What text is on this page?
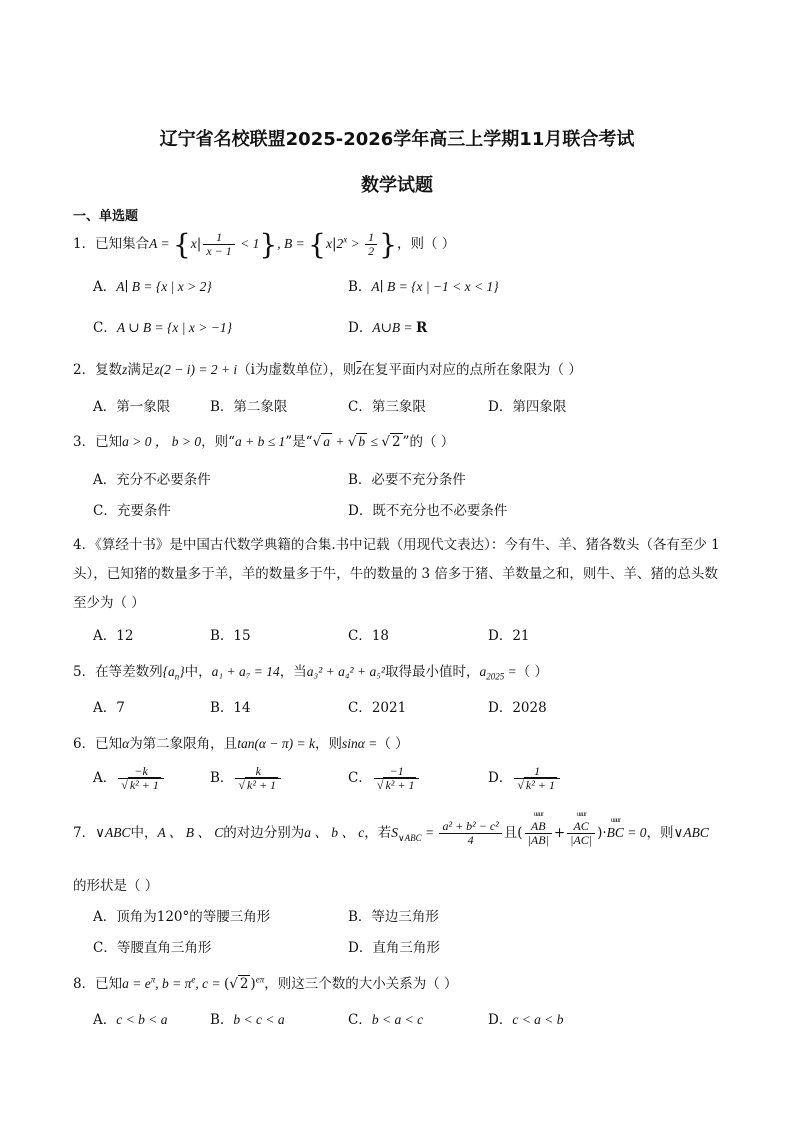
辽宁省名校联盟2025-2026学年高三上学期11月联合考试
数学试题
一、单选题
1．已知集合$A = \{x| \frac{1}{x - 1} < 1\}$, $B = \{x|2^x > \frac{1}{2}$ }，则（ ）
A．A∣ B = {x | x > 2}	B．A∣ B = {x | −1 < x < 1}
C．A ∪ B = {x | x > −1}	D．A∪B = R
2．复数z满足z(2 − i) = 2 + i（i为虚数单位），则$\overline{z}$在复平面内对应的点所在象限为（ ）
A．第一象限	B．第二象限	C．第三象限	D．第四象限
3．已知a > 0 ， b > 0，则“a + b ≤ 1”是“√ a + √ b ≤ √ 2 ”的（ ）
A．充分不必要条件	B．必要不充分条件
C．充要条件	D．既不充分也不必要条件
4．《算经十书》是中国古代数学典籍的合集.书中记载（用现代文表达）：今有牛、羊、猪各数头（各有至少 1头），已知猪的数量多于羊，羊的数量多于牛，牛的数量的 3 倍多于猪、羊数量之和，则牛、羊、猪的总头数至少为（ ）
A．12	B．15	C．18	D．21
5．在等差数列$\{a_n\}$中，a₁ + a₇ = 14，当a₃² + a₄² + a₅²取得最小值时，$a_{2025}$ =（ ）
A．7	B．14	C．2021	D．2028
6．已知α为第二象限角，且tan(α − π) = k，则sinα =（ ）
A． $\frac{-k}{\text{√ k² + 1}}$	B． $\frac{k}{\text{√ k² + 1}}$	C． $\frac{-1}{\text{√ k² + 1}}$	D． $\frac{1}{\text{√ k² + 1}}$
7．∨ABC中，A 、 B 、 C的对边分别为a 、 b 、 c，若$S_{\vee ABC} = \frac{\text{a² + b² − c²}}{4}$ 且( uuur $\frac{AB}{|AB|}$ + uuur $\frac{AC}{|AC|}$ )·uuur BC = 0，则∨ABC
的形状是（ ）
A．顶角为120°的等腰三角形	B．等边三角形
C．等腰直角三角形	D．直角三角形
8．已知$a = e^\pi$, $b = \pi^e$, c = (√ 2 )$^{e\pi}$，则这三个数的大小关系为（ ）
A．c < b < a	B．b < c < a	C．b < a < c	D．c < a < b
